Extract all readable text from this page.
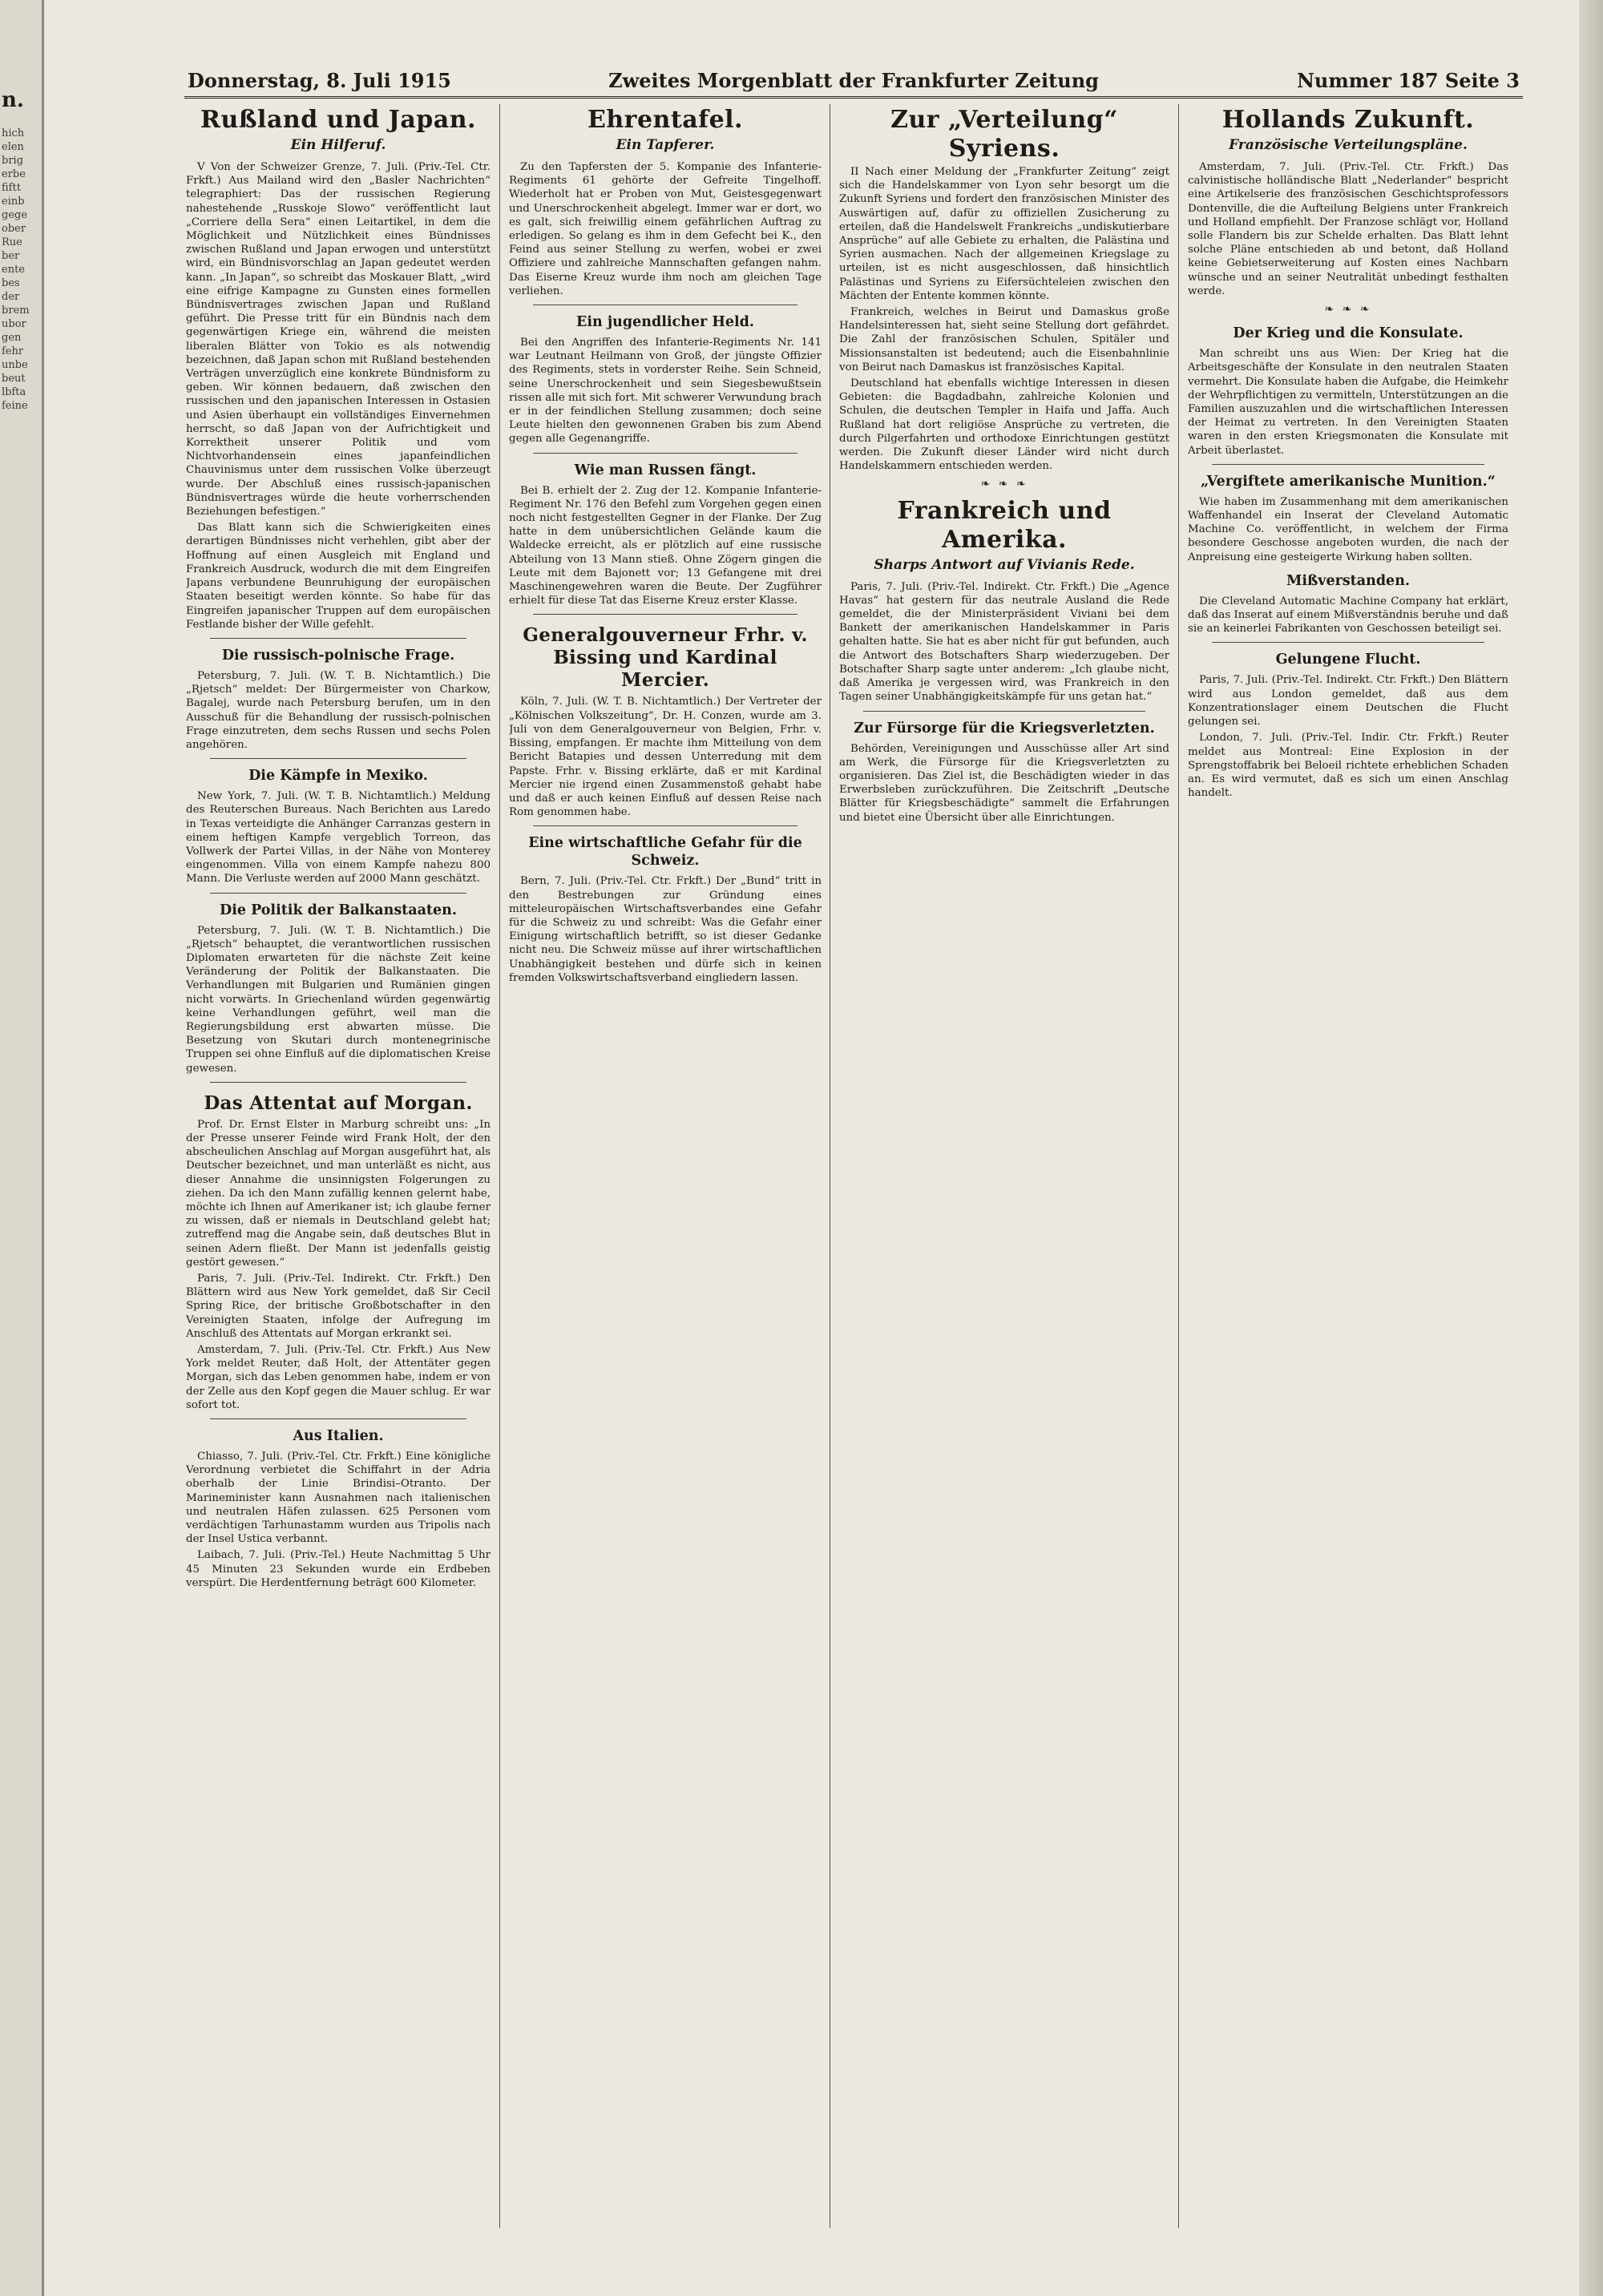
n.
hich
elen
brig
erbe
fiftt
einb
gege
ober
Rue
ber
ente
bes
der
brem
ubor
gen
fehr
unbe
beut
lbfta
feine
Donnerstag, 8. Juli 1915	Zweites Morgenblatt der Frankfurter Zeitung	Nummer 187 Seite 3
Rußland und Japan.
Ein Hilferuf.

V Von der Schweizer Grenze, 7. Juli. (Priv.-Tel. Ctr. Frkft.) Aus Mailand wird den „Basler Nachrichten“ telegraphiert: Das der russischen Regierung nahestehende „Russkoje Slowo“ veröffentlicht laut „Corriere della Sera“ einen Leitartikel, in dem die Möglichkeit und Nützlichkeit eines Bündnisses zwischen Rußland und Japan erwogen und unterstützt wird, ein Bündnisvorschlag an Japan gedeutet werden kann. „In Japan“, so schreibt das Moskauer Blatt, „wird eine eifrige Kampagne zu Gunsten eines formellen Bündnisvertrages zwischen Japan und Rußland geführt. Die Presse tritt für ein Bündnis nach dem gegenwärtigen Kriege ein, während die meisten liberalen Blätter von Tokio es als notwendig bezeichnen, daß Japan schon mit Rußland bestehenden Verträgen unverzüglich eine konkrete Bündnisform zu geben. Wir können bedauern, daß zwischen den russischen und den japanischen Interessen in Ostasien und Asien überhaupt ein vollständiges Einvernehmen herrscht, so daß Japan von der Aufrichtigkeit und Korrektheit unserer Politik und vom Nichtvorhandensein eines japanfeindlichen Chauvinismus unter dem russischen Volke überzeugt wurde. Der Abschluß eines russisch-japanischen Bündnisvertrages würde die heute vorherrschenden Beziehungen befestigen.“

Das Blatt kann sich die Schwierigkeiten eines derartigen Bündnisses nicht verhehlen, gibt aber der Hoffnung auf einen Ausgleich mit England und Frankreich Ausdruck, wodurch die mit dem Eingreifen Japans verbundene Beunruhigung der europäischen Staaten beseitigt werden könnte. So habe für das Eingreifen japanischer Truppen auf dem europäischen Festlande bisher der Wille gefehlt.

Die russisch-polnische Frage.

Petersburg, 7. Juli. (W. T. B. Nichtamtlich.) Die „Rjetsch“ meldet: Der Bürgermeister von Charkow, Bagalej, wurde nach Petersburg berufen, um in den Ausschuß für die Behandlung der russisch-polnischen Frage einzutreten, dem sechs Russen und sechs Polen angehören.

Die Kämpfe in Mexiko.

New York, 7. Juli. (W. T. B. Nichtamtlich.) Meldung des Reuterschen Bureaus. Nach Berichten aus Laredo in Texas verteidigte die Anhänger Carranzas gestern in einem heftigen Kampfe vergeblich Torreon, das Vollwerk der Partei Villas, in der Nähe von Monterey eingenommen. Villa von einem Kampfe nahezu 800 Mann. Die Verluste werden auf 2000 Mann geschätzt.

Die Politik der Balkanstaaten.

Petersburg, 7. Juli. (W. T. B. Nichtamtlich.) Die „Rjetsch“ behauptet, die verantwortlichen russischen Diplomaten erwarteten für die nächste Zeit keine Veränderung der Politik der Balkanstaaten. Die Verhandlungen mit Bulgarien und Rumänien gingen nicht vorwärts. In Griechenland würden gegenwärtig keine Verhandlungen geführt, weil man die Regierungsbildung erst abwarten müsse. Die Besetzung von Skutari durch montenegrinische Truppen sei ohne Einfluß auf die diplomatischen Kreise gewesen.

Das Attentat auf Morgan.

Prof. Dr. Ernst Elster in Marburg schreibt uns: „In der Presse unserer Feinde wird Frank Holt, der den abscheulichen Anschlag auf Morgan ausgeführt hat, als Deutscher bezeichnet, und man unterläßt es nicht, aus dieser Annahme die unsinnigsten Folgerungen zu ziehen. Da ich den Mann zufällig kennen gelernt habe, möchte ich Ihnen auf Amerikaner ist; ich glaube ferner zu wissen, daß er niemals in Deutschland gelebt hat; zutreffend mag die Angabe sein, daß deutsches Blut in seinen Adern fließt. Der Mann ist jedenfalls geistig gestört gewesen.“

Paris, 7. Juli. (Priv.-Tel. Indirekt. Ctr. Frkft.) Den Blättern wird aus New York gemeldet, daß Sir Cecil Spring Rice, der britische Großbotschafter in den Vereinigten Staaten, infolge der Aufregung im Anschluß des Attentats auf Morgan erkrankt sei.

Amsterdam, 7. Juli. (Priv.-Tel. Ctr. Frkft.) Aus New York meldet Reuter, daß Holt, der Attentäter gegen Morgan, sich das Leben genommen habe, indem er von der Zelle aus den Kopf gegen die Mauer schlug. Er war sofort tot.

Aus Italien.

Chiasso, 7. Juli. (Priv.-Tel. Ctr. Frkft.) Eine königliche Verordnung verbietet die Schiffahrt in der Adria oberhalb der Linie Brindisi–Otranto. Der Marineminister kann Ausnahmen nach italienischen und neutralen Häfen zulassen. 625 Personen vom verdächtigen Tarhunastamm wurden aus Tripolis nach der Insel Ustica verbannt.

Laibach, 7. Juli. (Priv.-Tel.) Heute Nachmittag 5 Uhr 45 Minuten 23 Sekunden wurde ein Erdbeben verspürt. Die Herdentfernung beträgt 600 Kilometer.

Ehrentafel.
Ein Tapferer.

Zu den Tapfersten der 5. Kompanie des Infanterie-Regiments 61 gehörte der Gefreite Tingelhoff. Wiederholt hat er Proben von Mut, Geistesgegenwart und Unerschrockenheit abgelegt. Immer war er dort, wo es galt, sich freiwillig einem gefährlichen Auftrag zu erledigen. So gelang es ihm in dem Gefecht bei K., den Feind aus seiner Stellung zu werfen, wobei er zwei Offiziere und zahlreiche Mannschaften gefangen nahm. Das Eiserne Kreuz wurde ihm noch am gleichen Tage verliehen.

Ein jugendlicher Held.

Bei den Angriffen des Infanterie-Regiments Nr. 141 war Leutnant Heilmann von Groß, der jüngste Offizier des Regiments, stets in vorderster Reihe. Sein Schneid, seine Unerschrockenheit und sein Siegesbewußtsein rissen alle mit sich fort. Mit schwerer Verwundung brach er in der feindlichen Stellung zusammen; doch seine Leute hielten den gewonnenen Graben bis zum Abend gegen alle Gegenangriffe.

Wie man Russen fängt.

Bei B. erhielt der 2. Zug der 12. Kompanie Infanterie-Regiment Nr. 176 den Befehl zum Vorgehen gegen einen noch nicht festgestellten Gegner in der Flanke. Der Zug hatte in dem unübersichtlichen Gelände kaum die Waldecke erreicht, als er plötzlich auf eine russische Abteilung von 13 Mann stieß. Ohne Zögern gingen die Leute mit dem Bajonett vor; 13 Gefangene mit drei Maschinengewehren waren die Beute. Der Zugführer erhielt für diese Tat das Eiserne Kreuz erster Klasse.

Generalgouverneur Frhr. v. Bissing und Kardinal Mercier.

Köln, 7. Juli. (W. T. B. Nichtamtlich.) Der Vertreter der „Kölnischen Volkszeitung“, Dr. H. Conzen, wurde am 3. Juli von dem Generalgouverneur von Belgien, Frhr. v. Bissing, empfangen. Er machte ihm Mitteilung von dem Bericht Batapies und dessen Unterredung mit dem Papste. Frhr. v. Bissing erklärte, daß er mit Kardinal Mercier nie irgend einen Zusammenstoß gehabt habe und daß er auch keinen Einfluß auf dessen Reise nach Rom genommen habe.

Eine wirtschaftliche Gefahr für die Schweiz.

Bern, 7. Juli. (Priv.-Tel. Ctr. Frkft.) Der „Bund“ tritt in den Bestrebungen zur Gründung eines mitteleuropäischen Wirtschaftsverbandes eine Gefahr für die Schweiz zu und schreibt: Was die Gefahr einer Einigung wirtschaftlich betrifft, so ist dieser Gedanke nicht neu. Die Schweiz müsse auf ihrer wirtschaftlichen Unabhängigkeit bestehen und dürfe sich in keinen fremden Volkswirtschaftsverband eingliedern lassen.

Zur „Verteilung“ Syriens.

II Nach einer Meldung der „Frankfurter Zeitung“ zeigt sich die Handelskammer von Lyon sehr besorgt um die Zukunft Syriens und fordert den französischen Minister des Auswärtigen auf, dafür zu offiziellen Zusicherung zu erteilen, daß die Handelswelt Frankreichs „undiskutierbare Ansprüche“ auf alle Gebiete zu erhalten, die Palästina und Syrien ausmachen. Nach der allgemeinen Kriegslage zu urteilen, ist es nicht ausgeschlossen, daß hinsichtlich Palästinas und Syriens zu Eifersüchteleien zwischen den Mächten der Entente kommen könnte.

Frankreich, welches in Beirut und Damaskus große Handelsinteressen hat, sieht seine Stellung dort gefährdet. Die Zahl der französischen Schulen, Spitäler und Missionsanstalten ist bedeutend; auch die Eisenbahnlinie von Beirut nach Damaskus ist französisches Kapital.

Deutschland hat ebenfalls wichtige Interessen in diesen Gebieten: die Bagdadbahn, zahlreiche Kolonien und Schulen, die deutschen Templer in Haifa und Jaffa. Auch Rußland hat dort religiöse Ansprüche zu vertreten, die durch Pilgerfahrten und orthodoxe Einrichtungen gestützt werden. Die Zukunft dieser Länder wird nicht durch Handelskammern entschieden werden.

❧ ❧ ❧
Frankreich und Amerika.
Sharps Antwort auf Vivianis Rede.

Paris, 7. Juli. (Priv.-Tel. Indirekt. Ctr. Frkft.) Die „Agence Havas“ hat gestern für das neutrale Ausland die Rede gemeldet, die der Ministerpräsident Viviani bei dem Bankett der amerikanischen Handelskammer in Paris gehalten hatte. Sie hat es aber nicht für gut befunden, auch die Antwort des Botschafters Sharp wiederzugeben. Der Botschafter Sharp sagte unter anderem: „Ich glaube nicht, daß Amerika je vergessen wird, was Frankreich in den Tagen seiner Unabhängigkeitskämpfe für uns getan hat.“

Zur Fürsorge für die Kriegsverletzten.

Behörden, Vereinigungen und Ausschüsse aller Art sind am Werk, die Fürsorge für die Kriegsverletzten zu organisieren. Das Ziel ist, die Beschädigten wieder in das Erwerbsleben zurückzuführen. Die Zeitschrift „Deutsche Blätter für Kriegsbeschädigte“ sammelt die Erfahrungen und bietet eine Übersicht über alle Einrichtungen.

Hollands Zukunft.
Französische Verteilungspläne.

Amsterdam, 7. Juli. (Priv.-Tel. Ctr. Frkft.) Das calvinistische holländische Blatt „Nederlander“ bespricht eine Artikelserie des französischen Geschichtsprofessors Dontenville, die die Aufteilung Belgiens unter Frankreich und Holland empfiehlt. Der Franzose schlägt vor, Holland solle Flandern bis zur Schelde erhalten. Das Blatt lehnt solche Pläne entschieden ab und betont, daß Holland keine Gebietserweiterung auf Kosten eines Nachbarn wünsche und an seiner Neutralität unbedingt festhalten werde.

❧ ❧ ❧
Der Krieg und die Konsulate.

Man schreibt uns aus Wien: Der Krieg hat die Arbeitsgeschäfte der Konsulate in den neutralen Staaten vermehrt. Die Konsulate haben die Aufgabe, die Heimkehr der Wehrpflichtigen zu vermitteln, Unterstützungen an die Familien auszuzahlen und die wirtschaftlichen Interessen der Heimat zu vertreten. In den Vereinigten Staaten waren in den ersten Kriegsmonaten die Konsulate mit Arbeit überlastet.

„Vergiftete amerikanische Munition.“

Wie haben im Zusammenhang mit dem amerikanischen Waffenhandel ein Inserat der Cleveland Automatic Machine Co. veröffentlicht, in welchem der Firma besondere Geschosse angeboten wurden, die nach der Anpreisung eine gesteigerte Wirkung haben sollten.

Mißverstanden.

Die Cleveland Automatic Machine Company hat erklärt, daß das Inserat auf einem Mißverständnis beruhe und daß sie an keinerlei Fabrikanten von Geschossen beteiligt sei.

Gelungene Flucht.

Paris, 7. Juli. (Priv.-Tel. Indirekt. Ctr. Frkft.) Den Blättern wird aus London gemeldet, daß aus dem Konzentrationslager einem Deutschen die Flucht gelungen sei.

London, 7. Juli. (Priv.-Tel. Indir. Ctr. Frkft.) Reuter meldet aus Montreal: Eine Explosion in der Sprengstoffabrik bei Beloeil richtete erheblichen Schaden an. Es wird vermutet, daß es sich um einen Anschlag handelt.
